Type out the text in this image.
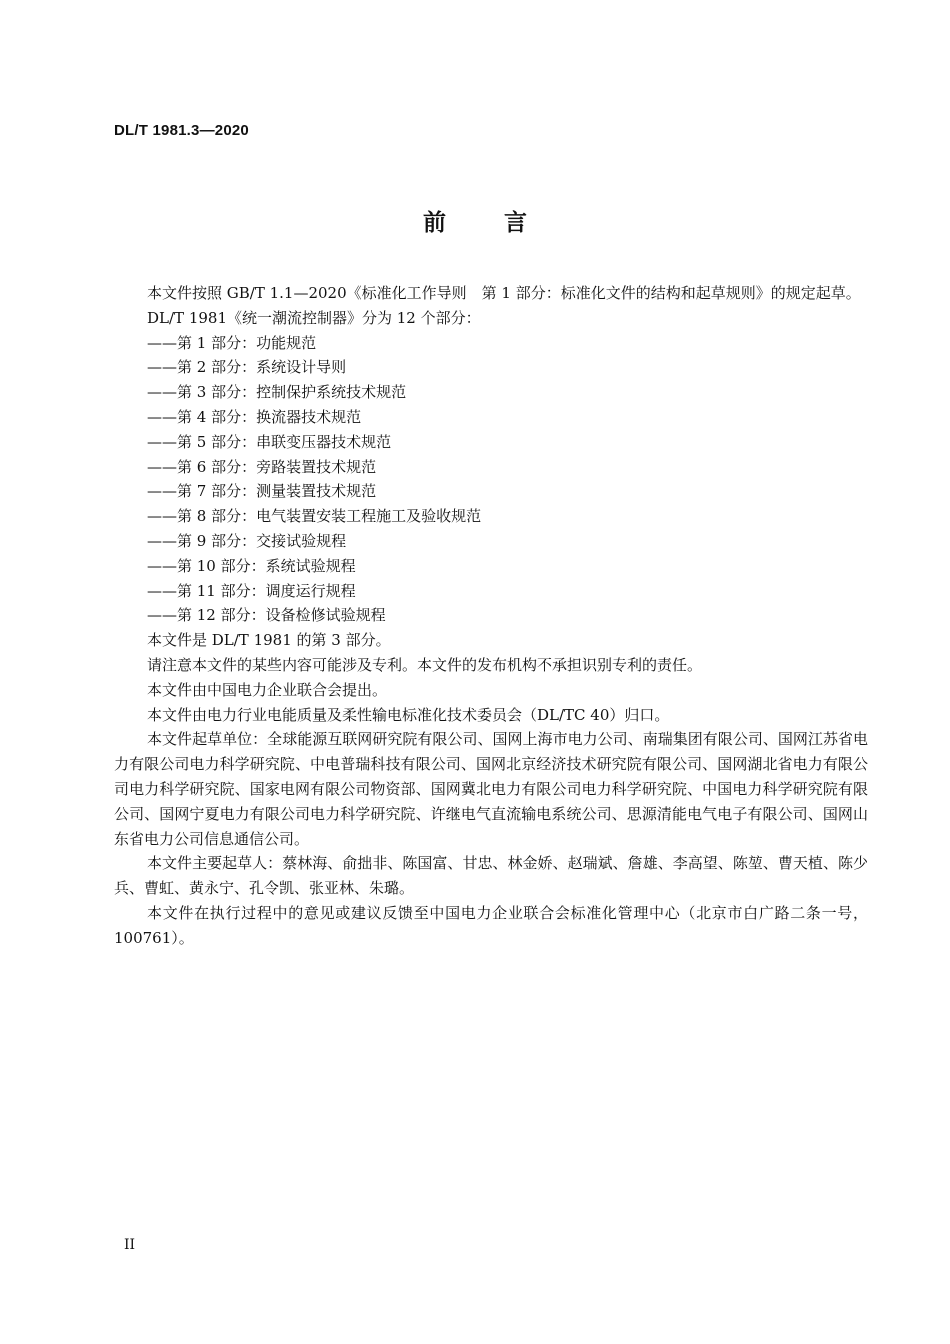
DL/T 1981.3—2020
前言

本文件按照 GB/T 1.1—2020《标准化工作导则　第 1 部分：标准化文件的结构和起草规则》的规定起草。

DL/T 1981《统一潮流控制器》分为 12 个部分：

——第 1 部分：功能规范

——第 2 部分：系统设计导则

——第 3 部分：控制保护系统技术规范

——第 4 部分：换流器技术规范

——第 5 部分：串联变压器技术规范

——第 6 部分：旁路装置技术规范

——第 7 部分：测量装置技术规范

——第 8 部分：电气装置安装工程施工及验收规范

——第 9 部分：交接试验规程

——第 10 部分：系统试验规程

——第 11 部分：调度运行规程

——第 12 部分：设备检修试验规程

本文件是 DL/T 1981 的第 3 部分。

请注意本文件的某些内容可能涉及专利。本文件的发布机构不承担识别专利的责任。

本文件由中国电力企业联合会提出。

本文件由电力行业电能质量及柔性输电标准化技术委员会（DL/TC 40）归口。

本文件起草单位：全球能源互联网研究院有限公司、国网上海市电力公司、南瑞集团有限公司、国网江苏省电力有限公司电力科学研究院、中电普瑞科技有限公司、国网北京经济技术研究院有限公司、国网湖北省电力有限公司电力科学研究院、国家电网有限公司物资部、国网冀北电力有限公司电力科学研究院、中国电力科学研究院有限公司、国网宁夏电力有限公司电力科学研究院、许继电气直流输电系统公司、思源清能电气电子有限公司、国网山东省电力公司信息通信公司。

本文件主要起草人：蔡林海、俞拙非、陈国富、甘忠、林金娇、赵瑞斌、詹雄、李高望、陈堃、曹天植、陈少兵、曹虹、黄永宁、孔令凯、张亚林、朱璐。

本文件在执行过程中的意见或建议反馈至中国电力企业联合会标准化管理中心（北京市白广路二条一号，100761）。

II
